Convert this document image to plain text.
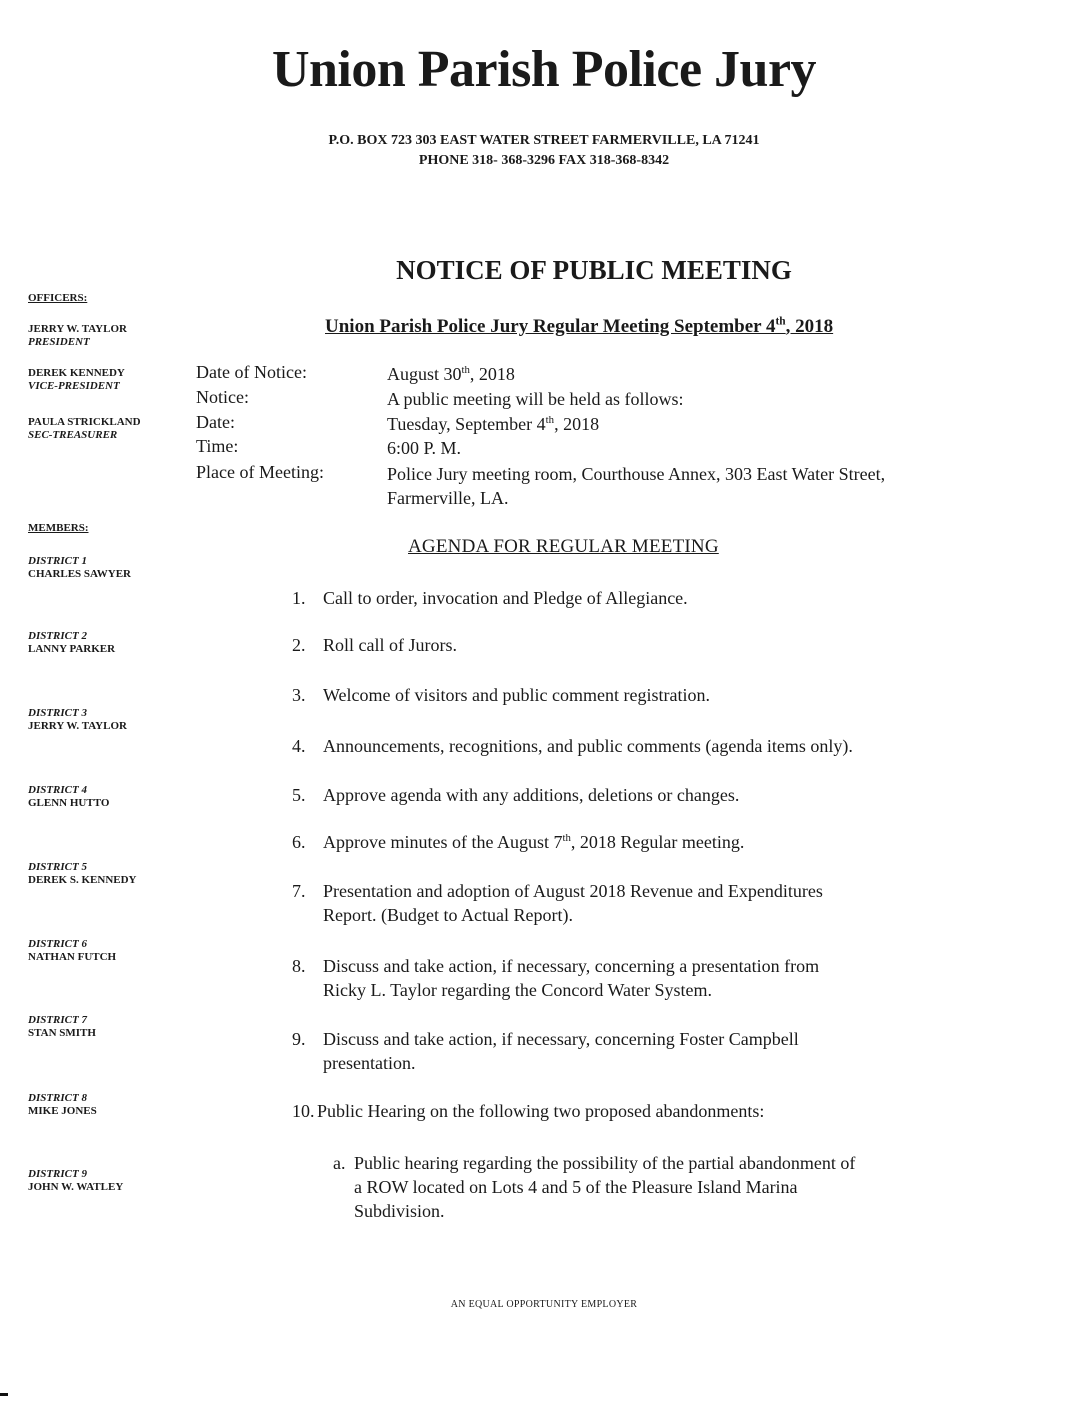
Union Parish Police Jury
P.O. BOX 723 303 EAST WATER STREET FARMERVILLE, LA 71241
PHONE 318- 368-3296 FAX 318-368-8342
NOTICE OF PUBLIC MEETING
Union Parish Police Jury Regular Meeting September 4th, 2018
OFFICERS:
JERRY W. TAYLOR
PRESIDENT
DEREK KENNEDY
VICE-PRESIDENT
PAULA STRICKLAND
SEC-TREASURER
MEMBERS:
DISTRICT 1
CHARLES SAWYER
DISTRICT 2
LANNY PARKER
DISTRICT 3
JERRY W. TAYLOR
DISTRICT 4
GLENN HUTTO
DISTRICT 5
DEREK S. KENNEDY
DISTRICT 6
NATHAN FUTCH
DISTRICT 7
STAN SMITH
DISTRICT 8
MIKE JONES
DISTRICT 9
JOHN W. WATLEY
Date of Notice:	August 30th, 2018
Notice:	A public meeting will be held as follows:
Date:	Tuesday, September 4th, 2018
Time:	6:00 P. M.
Place of Meeting:	Police Jury meeting room, Courthouse Annex, 303 East Water Street, Farmerville, LA.
AGENDA FOR REGULAR MEETING
1. Call to order, invocation and Pledge of Allegiance.
2. Roll call of Jurors.
3. Welcome of visitors and public comment registration.
4. Announcements, recognitions, and public comments (agenda items only).
5. Approve agenda with any additions, deletions or changes.
6. Approve minutes of the August 7th, 2018 Regular meeting.
7. Presentation and adoption of August 2018 Revenue and Expenditures
Report. (Budget to Actual Report).
8. Discuss and take action, if necessary, concerning a presentation from
Ricky L. Taylor regarding the Concord Water System.
9. Discuss and take action, if necessary, concerning Foster Campbell
presentation.
10. Public Hearing on the following two proposed abandonments:
a. Public hearing regarding the possibility of the partial abandonment of
a ROW located on Lots 4 and 5 of the Pleasure Island Marina
Subdivision.
AN EQUAL OPPORTUNITY EMPLOYER
